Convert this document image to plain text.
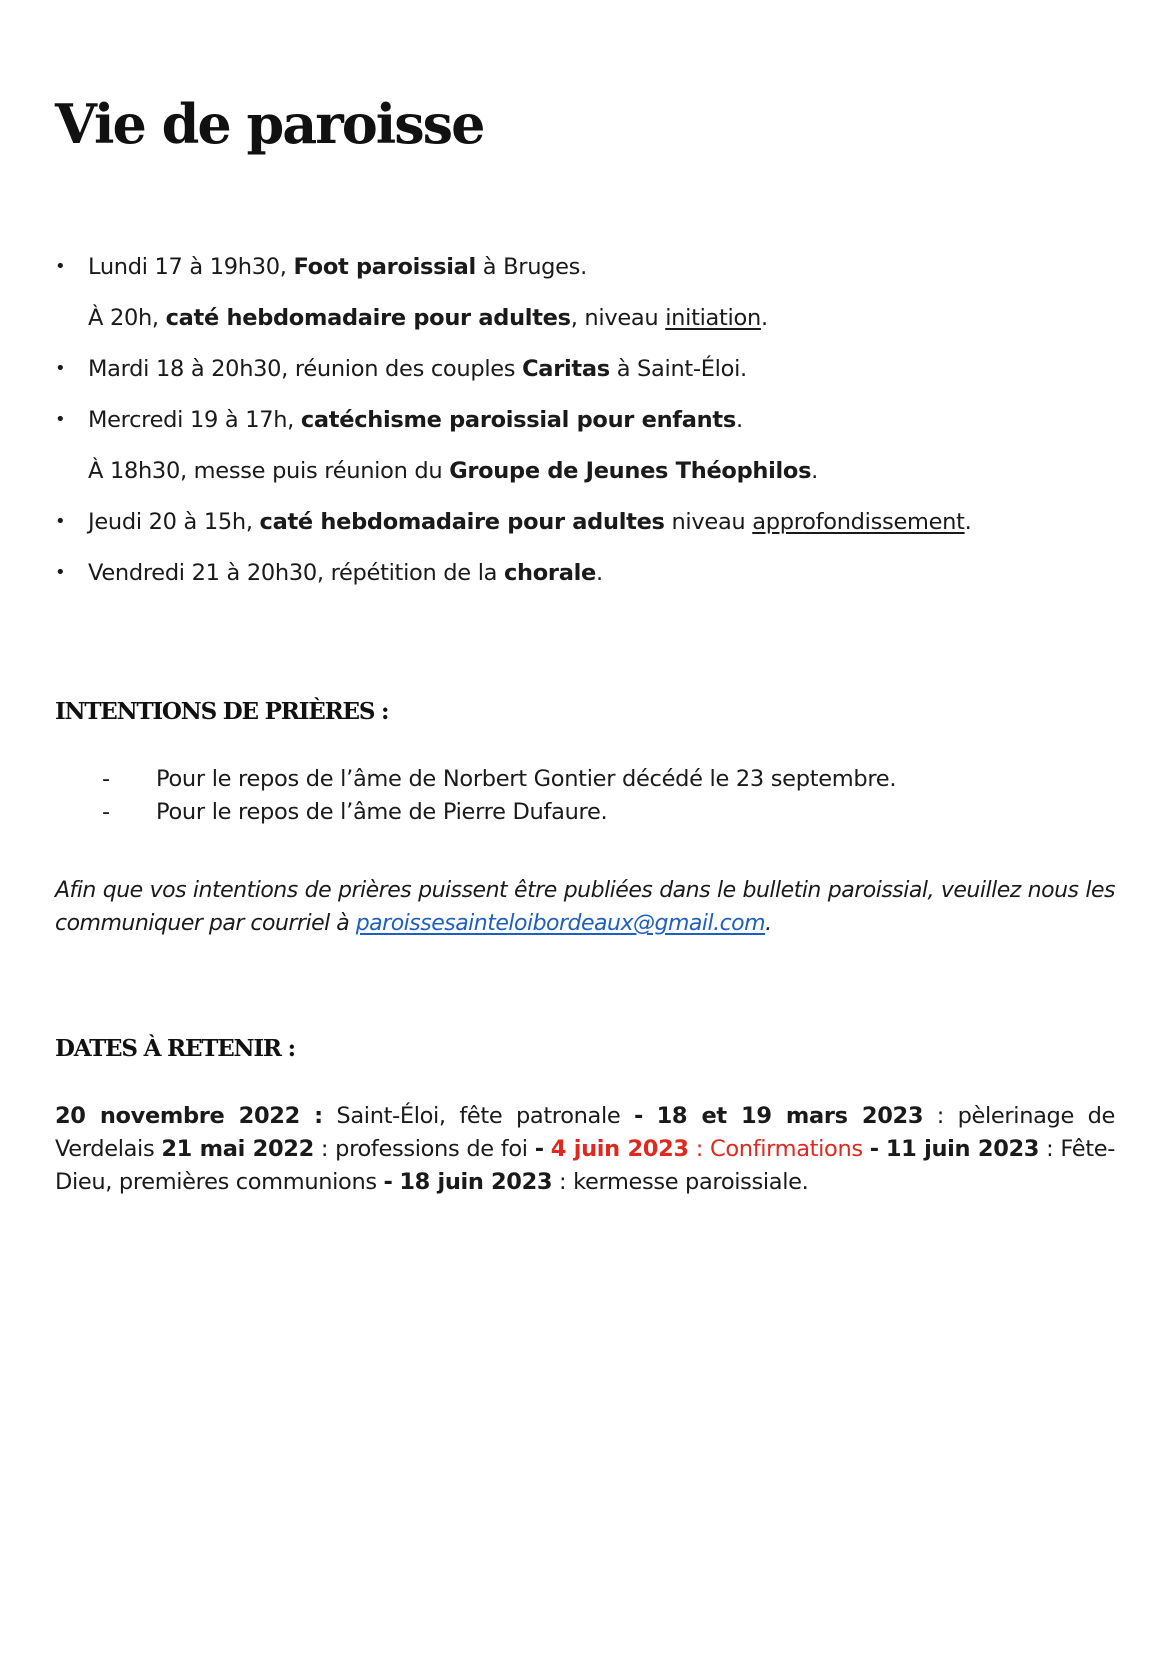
Vie de paroisse
• Lundi 17 à 19h30, Foot paroissial à Bruges.
À 20h, caté hebdomadaire pour adultes, niveau initiation.
• Mardi 18 à 20h30, réunion des couples Caritas à Saint-Éloi.
• Mercredi 19 à 17h, catéchisme paroissial pour enfants.
À 18h30, messe puis réunion du Groupe de Jeunes Théophilos.
• Jeudi 20 à 15h, caté hebdomadaire pour adultes niveau approfondissement.
• Vendredi 21 à 20h30, répétition de la chorale.
INTENTIONS DE PRIÈRES :
- Pour le repos de l’âme de Norbert Gontier décédé le 23 septembre.
- Pour le repos de l’âme de Pierre Dufaure.

Afin que vos intentions de prières puissent être publiées dans le bulletin paroissial, veuillez nous les communiquer par courriel à paroissesainteloibordeaux@gmail.com.

DATES À RETENIR :

20 novembre 2022 : Saint-Éloi, fête patronale - 18 et 19 mars 2023 : pèlerinage de Verdelais 21 mai 2022 : professions de foi - 4 juin 2023 : Confirmations - 11 juin 2023 : Fête-Dieu, premières communions - 18 juin 2023 : kermesse paroissiale.
